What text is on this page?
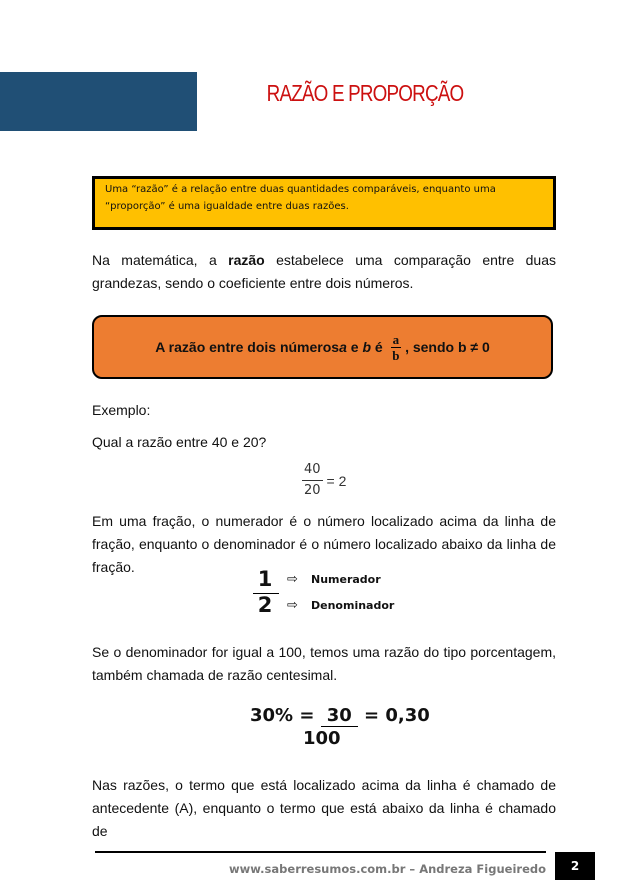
RAZÃO E PROPORÇÃO
Uma “razão” é a relação entre duas quantidades comparáveis, enquanto uma “proporção” é uma igualdade entre duas razões.
Na matemática, a razão estabelece uma comparação entre duas grandezas, sendo o coeficiente entre dois números.
A razão entre dois números a e b é $\frac{a}{b}$ , sendo b ≠ 0
Exemplo:
Qual a razão entre 40 e 20?
$\frac{40}{20} = 2$
Em uma fração, o numerador é o número localizado acima da linha de fração, enquanto o denominador é o número localizado abaixo da linha de fração.	1	⇨	Numerador
2	⇨	Denominador
Se o denominador for igual a 100, temos uma razão do tipo porcentagem, também chamada de razão centesimal.
30% = 30 = 0,30
100
Nas razões, o termo que está localizado acima da linha é chamado de antecedente (A), enquanto o termo que está abaixo da linha é chamado de
www.saberresumos.com.br – Andreza Figueiredo	2
